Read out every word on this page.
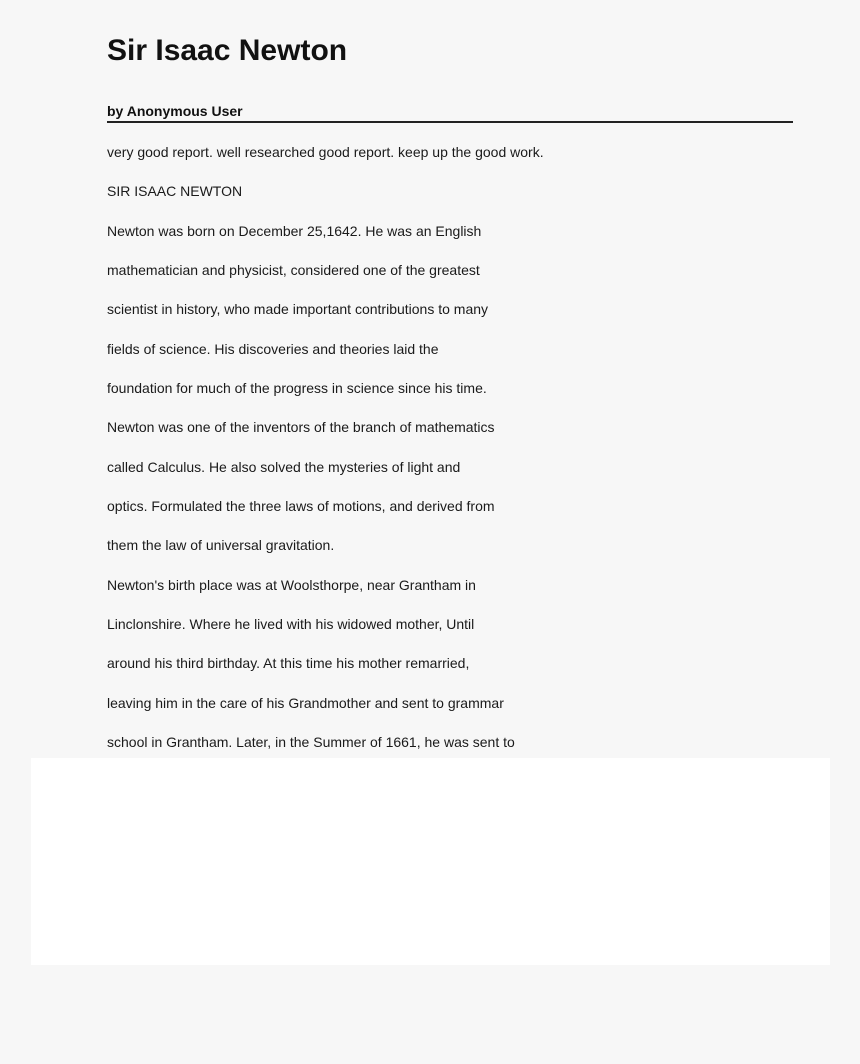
Sir Isaac Newton
by Anonymous User
very good report. well researched good report. keep up the good work.
SIR ISAAC NEWTON
Newton was born on December 25,1642. He was an English
mathematician and physicist, considered one of the greatest
scientist in history, who made important contributions to many
fields of science. His discoveries and theories laid the
foundation for much of the progress in science since his time.
Newton was one of the inventors of the branch of mathematics
called Calculus. He also solved the mysteries of light and
optics. Formulated the three laws of motions, and derived from
them the law of universal gravitation.
Newton's birth place was at Woolsthorpe, near Grantham in
Linclonshire. Where he lived with his widowed mother, Until
around his third birthday. At this time his mother remarried,
leaving him in the care of his Grandmother and sent to grammar
school in Grantham. Later, in the Summer of 1661, he was sent to
